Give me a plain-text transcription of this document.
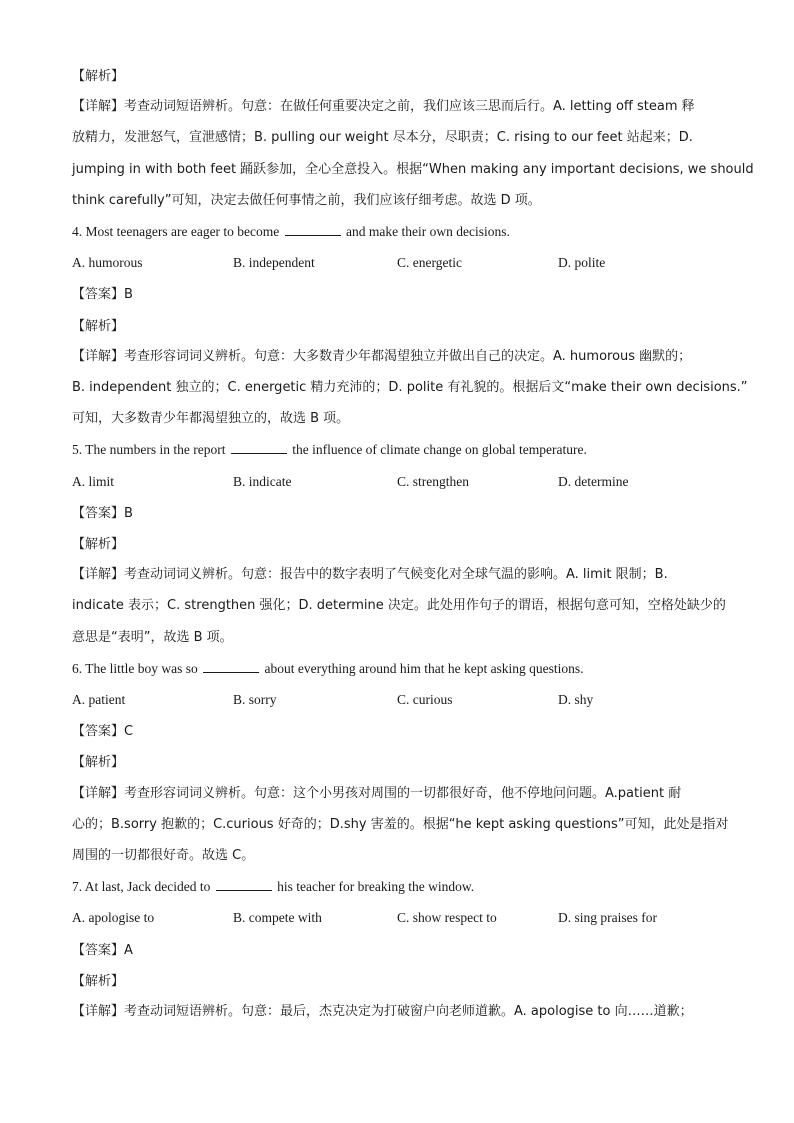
【解析】
【详解】考查动词短语辨析。句意：在做任何重要决定之前，我们应该三思而后行。A. letting off steam 释
放精力，发泄怒气，宣泄感情；B. pulling our weight 尽本分，尽职责；C. rising to our feet 站起来；D.
jumping in with both feet 踊跃参加，全心全意投入。根据“When making any important decisions, we should
think carefully”可知，决定去做任何事情之前，我们应该仔细考虑。故选 D 项。
4. Most teenagers are eager to become	and make their own decisions.
A. humorous	B. independent	C. energetic	D. polite
【答案】B
【解析】
【详解】考查形容词词义辨析。句意：大多数青少年都渴望独立并做出自己的决定。A. humorous 幽默的；
B. independent 独立的；C. energetic 精力充沛的；D. polite 有礼貌的。根据后文“make their own decisions.”
可知，大多数青少年都渴望独立的，故选 B 项。
5. The numbers in the report	the influence of climate change on global temperature.
A. limit	B. indicate	C. strengthen	D. determine
【答案】B
【解析】
【详解】考查动词词义辨析。句意：报告中的数字表明了气候变化对全球气温的影响。A. limit 限制；B.
indicate 表示；C. strengthen 强化；D. determine 决定。此处用作句子的谓语，根据句意可知，空格处缺少的
意思是“表明”，故选 B 项。
6. The little boy was so	about everything around him that he kept asking questions.
A. patient	B. sorry	C. curious	D. shy
【答案】C
【解析】
【详解】考查形容词词义辨析。句意：这个小男孩对周围的一切都很好奇，他不停地问问题。A.patient 耐
心的；B.sorry 抱歉的；C.curious 好奇的；D.shy 害羞的。根据“he kept asking questions”可知，此处是指对
周围的一切都很好奇。故选 C。
7. At last, Jack decided to	his teacher for breaking the window.
A. apologise to	B. compete with	C. show respect to	D. sing praises for
【答案】A
【解析】
【详解】考查动词短语辨析。句意：最后，杰克决定为打破窗户向老师道歉。A. apologise to 向……道歉；
